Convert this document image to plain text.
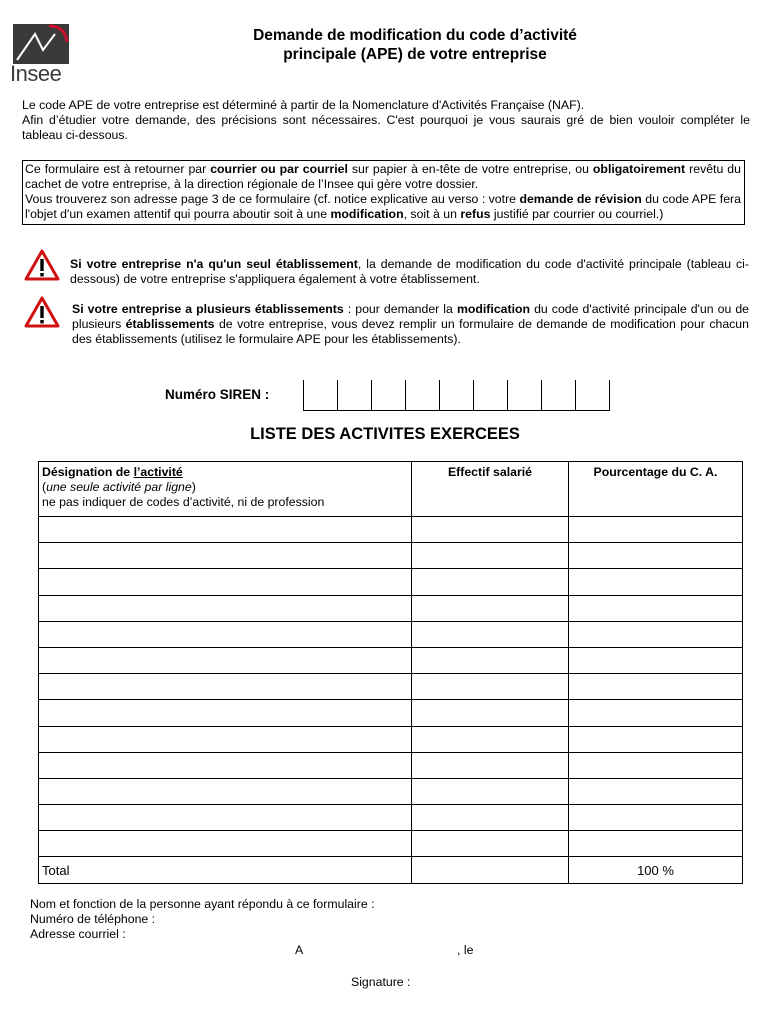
Insee
Demande de modification du code d’activité
principale (APE) de votre entreprise
Le code APE de votre entreprise est déterminé à partir de la Nomenclature d'Activités Française (NAF).
Afin d’étudier votre demande, des précisions sont nécessaires. C'est pourquoi je vous saurais gré de bien vouloir compléter le tableau ci-dessous.
Ce formulaire est à retourner par courrier ou par courriel sur papier à en-tête de votre entreprise, ou obligatoirement revêtu du cachet de votre entreprise, à la direction régionale de l’Insee qui gère votre dossier.
Vous trouverez son adresse page 3 de ce formulaire (cf. notice explicative au verso : votre demande de révision du code APE fera l'objet d'un examen attentif qui pourra aboutir soit à une modification, soit à un refus justifié par courrier ou courriel.)
Si votre entreprise n'a qu'un seul établissement, la demande de modification du code d'activité principale (tableau ci-dessous) de votre entreprise s'appliquera également à votre établissement.
Si votre entreprise a plusieurs établissements : pour demander la modification du code d'activité principale d'un ou de plusieurs établissements de votre entreprise, vous devez remplir un formulaire de demande de modification pour chacun des établissements (utilisez le formulaire APE pour les établissements).
Numéro SIREN :
LISTE DES ACTIVITES EXERCEES
Désignation de l’activité
(une seule activité par ligne)
ne pas indiquer de codes d’activité, ni de profession	Effectif salarié	Pourcentage du C. A.

Total		100 %
Nom et fonction de la personne ayant répondu à ce formulaire :
Numéro de téléphone :
Adresse courriel :
A	, le
Signature :
